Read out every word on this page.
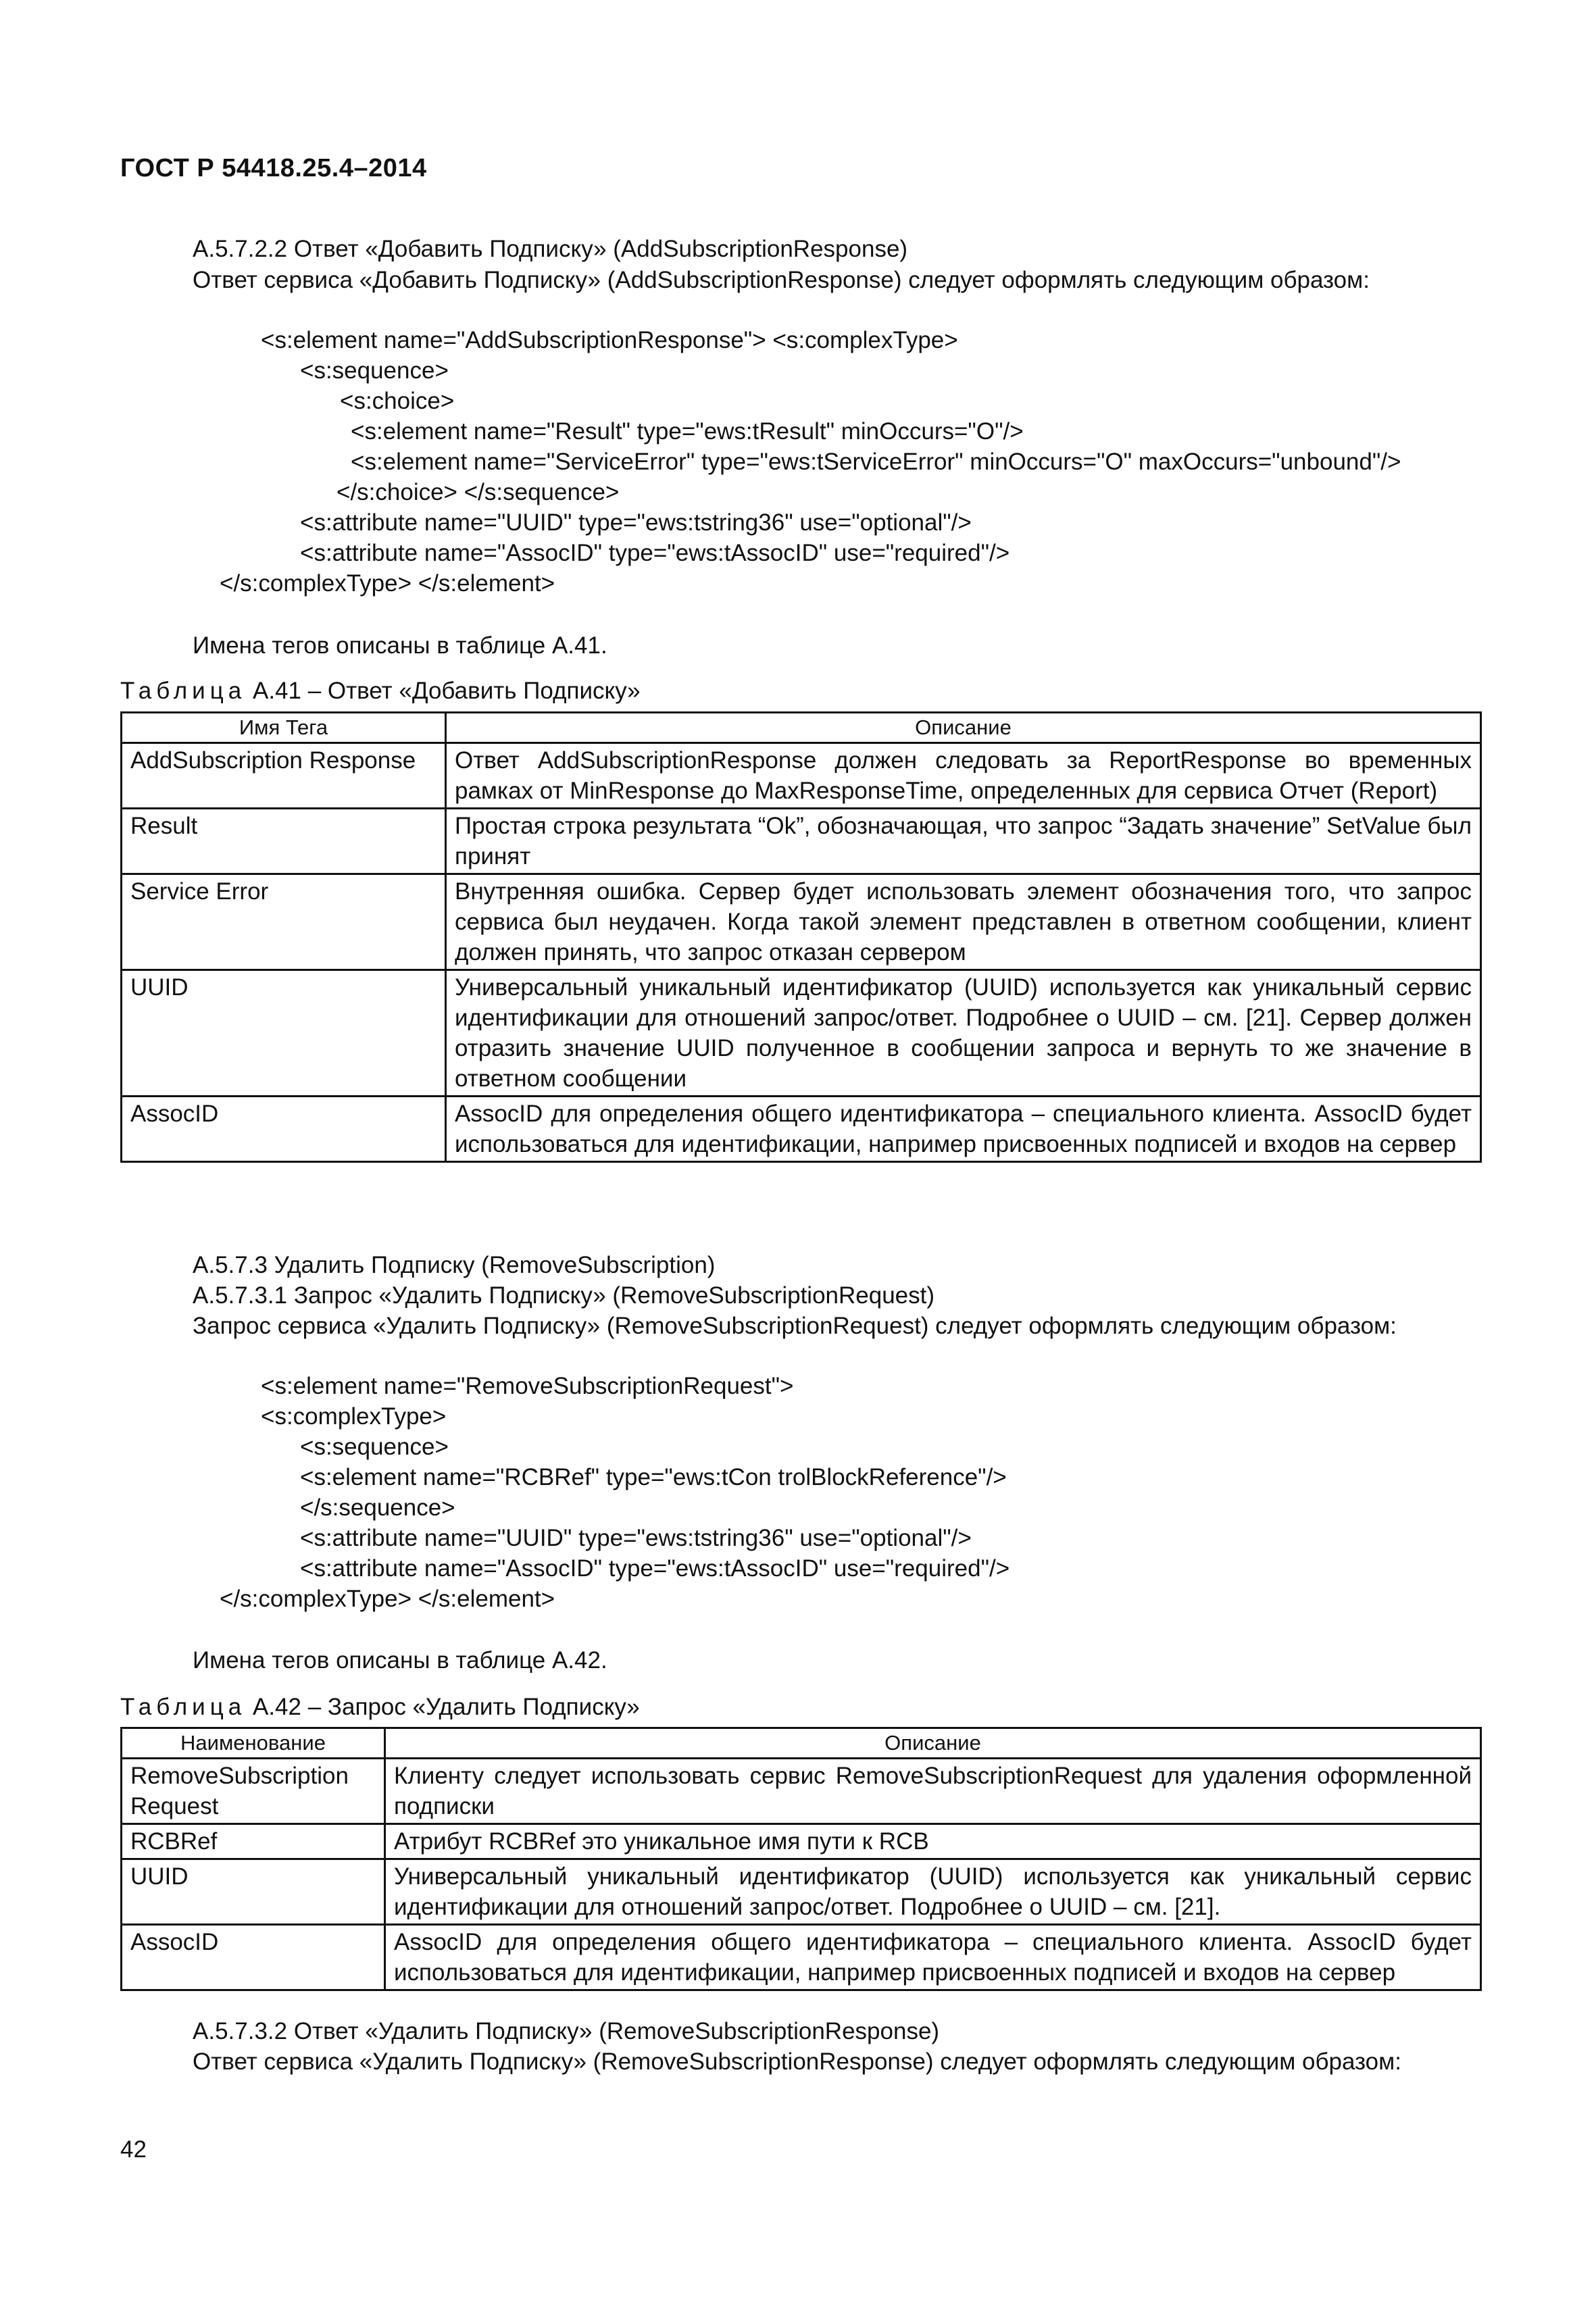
ГОСТ Р 54418.25.4–2014
А.5.7.2.2 Ответ «Добавить Подписку» (AddSubscriptionResponse)
Ответ сервиса «Добавить Подписку» (AddSubscriptionResponse) следует оформлять следующим образом:
<s:element name="AddSubscriptionResponse"> <s:complexType>
<s:sequence>
<s:choice>
<s:element name="Result" type="ews:tResult" minOccurs="O"/>
<s:element name="ServiceError" type="ews:tServiceError" minOccurs="O" maxOccurs="unbound"/>
</s:choice> </s:sequence>
<s:attribute name="UUID" type="ews:tstring36" use="optional"/>
<s:attribute name="AssocID" type="ews:tAssocID" use="required"/>
</s:complexType> </s:element>
Имена тегов описаны в таблице А.41.
Таблица А.41 – Ответ «Добавить Подписку»
Имя Тега	Описание
AddSubscription Response	Ответ AddSubscriptionResponse должен следовать за ReportResponse во временных рамках от MinResponse до MaxResponseTime, определенных для сервиса Отчет (Report)
Result	Простая строка результата “Ok”, обозначающая, что запрос “Задать значение” SetValue был принят
Service Error	Внутренняя ошибка. Сервер будет использовать элемент обозначения того, что запрос сервиса был неудачен. Когда такой элемент представлен в ответном сообщении, клиент должен принять, что запрос отказан сервером
UUID	Универсальный уникальный идентификатор (UUID) используется как уникальный сервис идентификации для отношений запрос/ответ. Подробнее о UUID – см. [21]. Сервер должен отразить значение UUID полученное в сообщении запроса и вернуть то же значение в ответном сообщении
AssocID	AssocID для определения общего идентификатора – специального клиента. AssocID будет использоваться для идентификации, например присвоенных подписей и входов на сервер
А.5.7.3 Удалить Подписку (RemoveSubscription)
А.5.7.3.1 Запрос «Удалить Подписку» (RemoveSubscriptionRequest)
Запрос сервиса «Удалить Подписку» (RemoveSubscriptionRequest) следует оформлять следующим образом:
<s:element name="RemoveSubscriptionRequest">
<s:complexType>
<s:sequence>
<s:element name="RCBRef" type="ews:tCon trolBlockReference"/>
</s:sequence>
<s:attribute name="UUID" type="ews:tstring36" use="optional"/>
<s:attribute name="AssocID" type="ews:tAssocID" use="required"/>
</s:complexType> </s:element>
Имена тегов описаны в таблице А.42.
Таблица А.42 – Запрос «Удалить Подписку»
Наименование	Описание
RemoveSubscription Request	Клиенту следует использовать сервис RemoveSubscriptionRequest для удаления оформленной подписки
RCBRef	Атрибут RCBRef это уникальное имя пути к RCB
UUID	Универсальный уникальный идентификатор (UUID) используется как уникальный сервис идентификации для отношений запрос/ответ. Подробнее о UUID – см. [21].
AssocID	AssocID для определения общего идентификатора – специального клиента. AssocID будет использоваться для идентификации, например присвоенных подписей и входов на сервер
А.5.7.3.2 Ответ «Удалить Подписку» (RemoveSubscriptionResponse)
Ответ сервиса «Удалить Подписку» (RemoveSubscriptionResponse) следует оформлять следующим образом:
42
